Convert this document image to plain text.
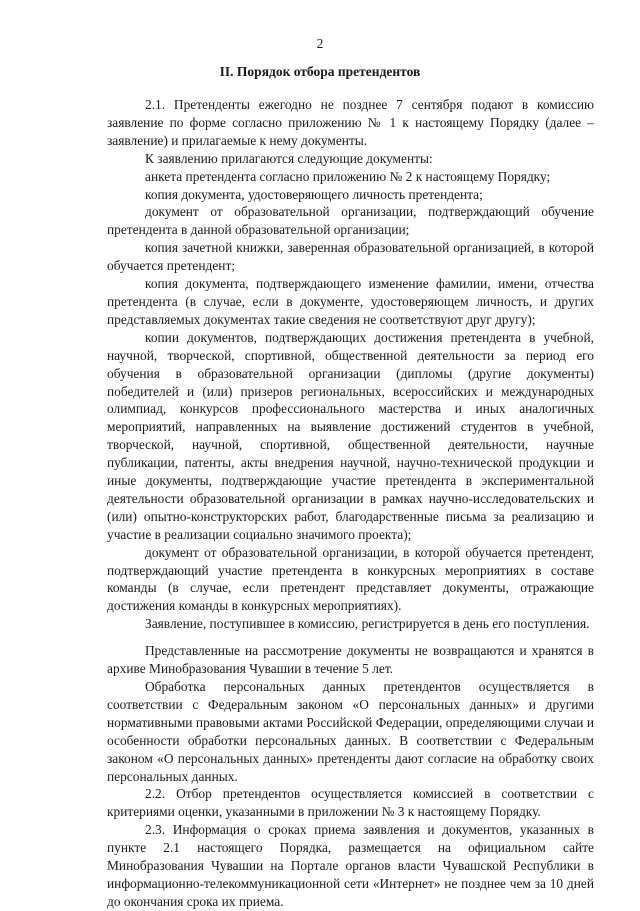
2
II. Порядок отбора претендентов

2.1. Претенденты ежегодно не позднее 7 сентября подают в комиссию заявление по форме согласно приложению № 1 к настоящему Порядку (далее – заявление) и прилагаемые к нему документы.

К заявлению прилагаются следующие документы:

анкета претендента согласно приложению № 2 к настоящему Порядку;

копия документа, удостоверяющего личность претендента;

документ от образовательной организации, подтверждающий обучение претендента в данной образовательной организации;

копия зачетной книжки, заверенная образовательной организацией, в которой обучается претендент;

копия документа, подтверждающего изменение фамилии, имени, отчества претендента (в случае, если в документе, удостоверяющем личность, и других представляемых документах такие сведения не соответствуют друг другу);

копии документов, подтверждающих достижения претендента в учебной, научной, творческой, спортивной, общественной деятельности за период его обучения в образовательной организации (дипломы (другие документы) победителей и (или) призеров региональных, всероссийских и международных олимпиад, конкурсов профессионального мастерства и иных аналогичных мероприятий, направленных на выявление достижений студентов в учебной, творческой, научной, спортивной, общественной деятельности, научные публикации, патенты, акты внедрения научной, научно-технической продукции и иные документы, подтверждающие участие претендента в экспериментальной деятельности образовательной организации в рамках научно-исследовательских и (или) опытно-конструкторских работ, благодарственные письма за реализацию и участие в реализации социально значимого проекта);

документ от образовательной организации, в которой обучается претендент, подтверждающий участие претендента в конкурсных мероприятиях в составе команды (в случае, если претендент представляет документы, отражающие достижения команды в конкурсных мероприятиях).

Заявление, поступившее в комиссию, регистрируется в день его поступления.

Представленные на рассмотрение документы не возвращаются и хранятся в архиве Минобразования Чувашии в течение 5 лет.

Обработка персональных данных претендентов осуществляется в соответствии с Федеральным законом «О персональных данных» и другими нормативными правовыми актами Российской Федерации, определяющими случаи и особенности обработки персональных данных. В соответствии с Федеральным законом «О персональных данных» претенденты дают согласие на обработку своих персональных данных.

2.2. Отбор претендентов осуществляется комиссией в соответствии с критериями оценки, указанными в приложении № 3 к настоящему Порядку.

2.3. Информация о сроках приема заявления и документов, указанных в пункте 2.1 настоящего Порядка, размещается на официальном сайте Минобразования Чувашии на Портале органов власти Чувашской Республики в информационно-телекоммуникационной сети «Интернет» не позднее чем за 10 дней до окончания срока их приема.
